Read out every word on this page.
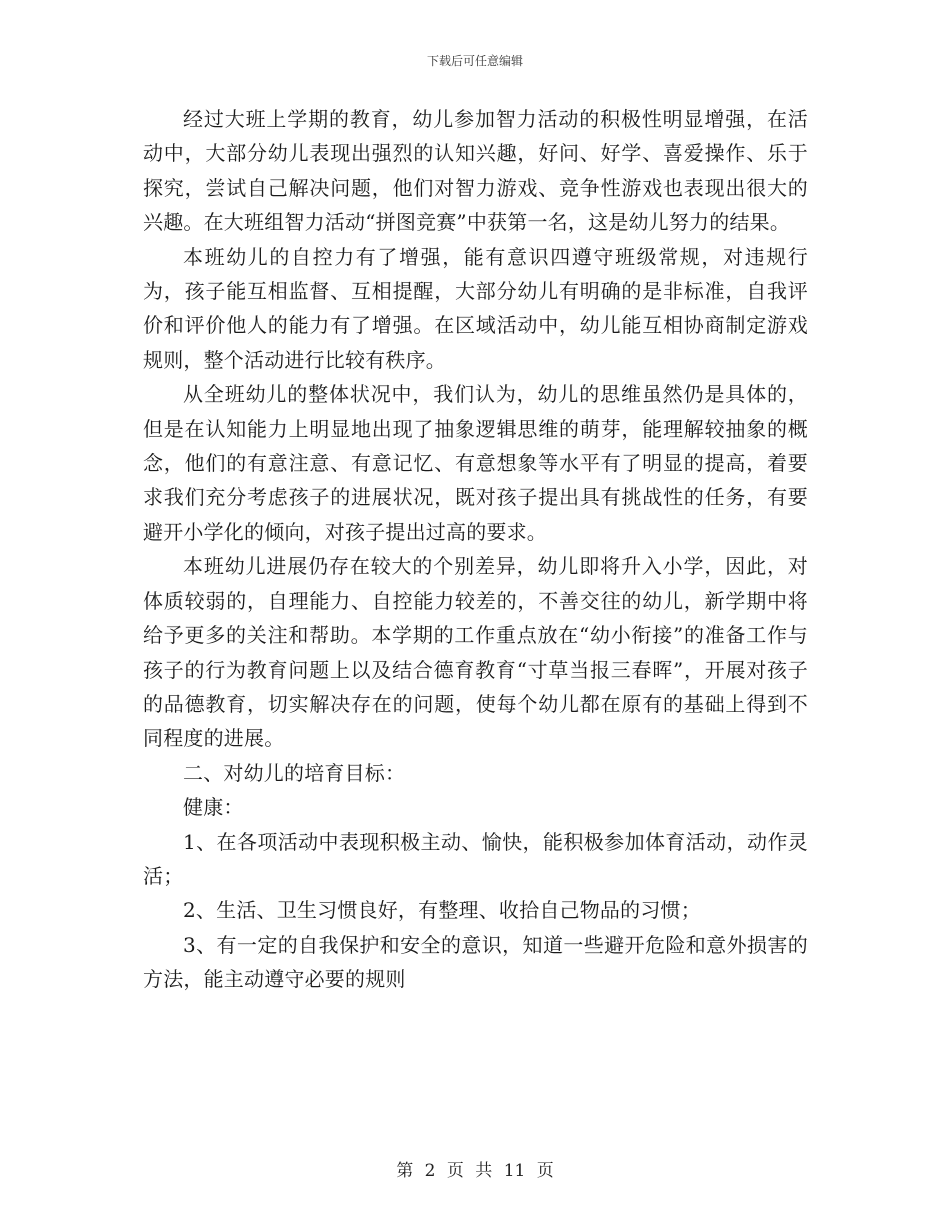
下载后可任意编辑

经过大班上学期的教育，幼儿参加智力活动的积极性明显增强，在活动中，大部分幼儿表现出强烈的认知兴趣，好问、好学、喜爱操作、乐于探究，尝试自己解决问题，他们对智力游戏、竞争性游戏也表现出很大的兴趣。在大班组智力活动“拼图竞赛”中获第一名，这是幼儿努力的结果。

本班幼儿的自控力有了增强，能有意识四遵守班级常规，对违规行为，孩子能互相监督、互相提醒，大部分幼儿有明确的是非标准，自我评价和评价他人的能力有了增强。在区域活动中，幼儿能互相协商制定游戏规则，整个活动进行比较有秩序。

从全班幼儿的整体状况中，我们认为，幼儿的思维虽然仍是具体的，但是在认知能力上明显地出现了抽象逻辑思维的萌芽，能理解较抽象的概念，他们的有意注意、有意记忆、有意想象等水平有了明显的提高，着要求我们充分考虑孩子的进展状况，既对孩子提出具有挑战性的任务，有要避开小学化的倾向，对孩子提出过高的要求。

本班幼儿进展仍存在较大的个别差异，幼儿即将升入小学，因此，对体质较弱的，自理能力、自控能力较差的，不善交往的幼儿，新学期中将给予更多的关注和帮助。本学期的工作重点放在“幼小衔接”的准备工作与孩子的行为教育问题上以及结合德育教育“寸草当报三春晖”，开展对孩子的品德教育，切实解决存在的问题，使每个幼儿都在原有的基础上得到不同程度的进展。

二、对幼儿的培育目标：

健康：

1、在各项活动中表现积极主动、愉快，能积极参加体育活动，动作灵活；

2、生活、卫生习惯良好，有整理、收拾自己物品的习惯；

3、有一定的自我保护和安全的意识，知道一些避开危险和意外损害的方法，能主动遵守必要的规则

第 2 页 共 11 页
